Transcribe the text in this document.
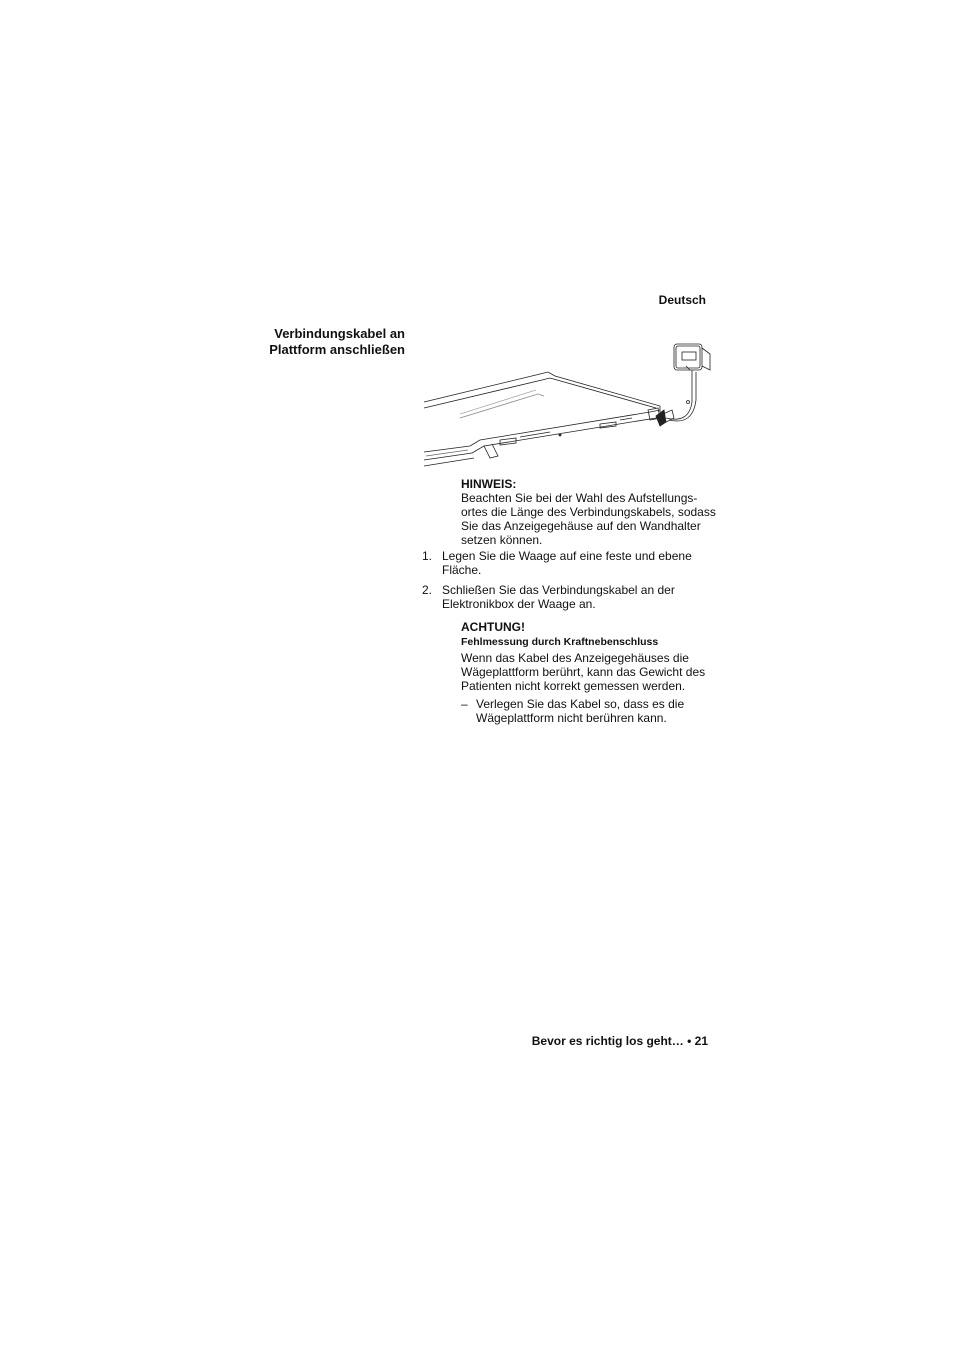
Deutsch
Verbindungskabel an
Plattform anschließen
HINWEIS:
Beachten Sie bei der Wahl des Aufstellungs-
ortes die Länge des Verbindungskabels, sodass
Sie das Anzeigegehäuse auf den Wandhalter
setzen können.
1. Legen Sie die Waage auf eine feste und ebene
Fläche.
2. Schließen Sie das Verbindungskabel an der
Elektronikbox der Waage an.
ACHTUNG!
Fehlmessung durch Kraftnebenschluss
Wenn das Kabel des Anzeigegehäuses die
Wägeplattform berührt, kann das Gewicht des
Patienten nicht korrekt gemessen werden.
– Verlegen Sie das Kabel so, dass es die
Wägeplattform nicht berühren kann.
Bevor es richtig los geht… • 21
